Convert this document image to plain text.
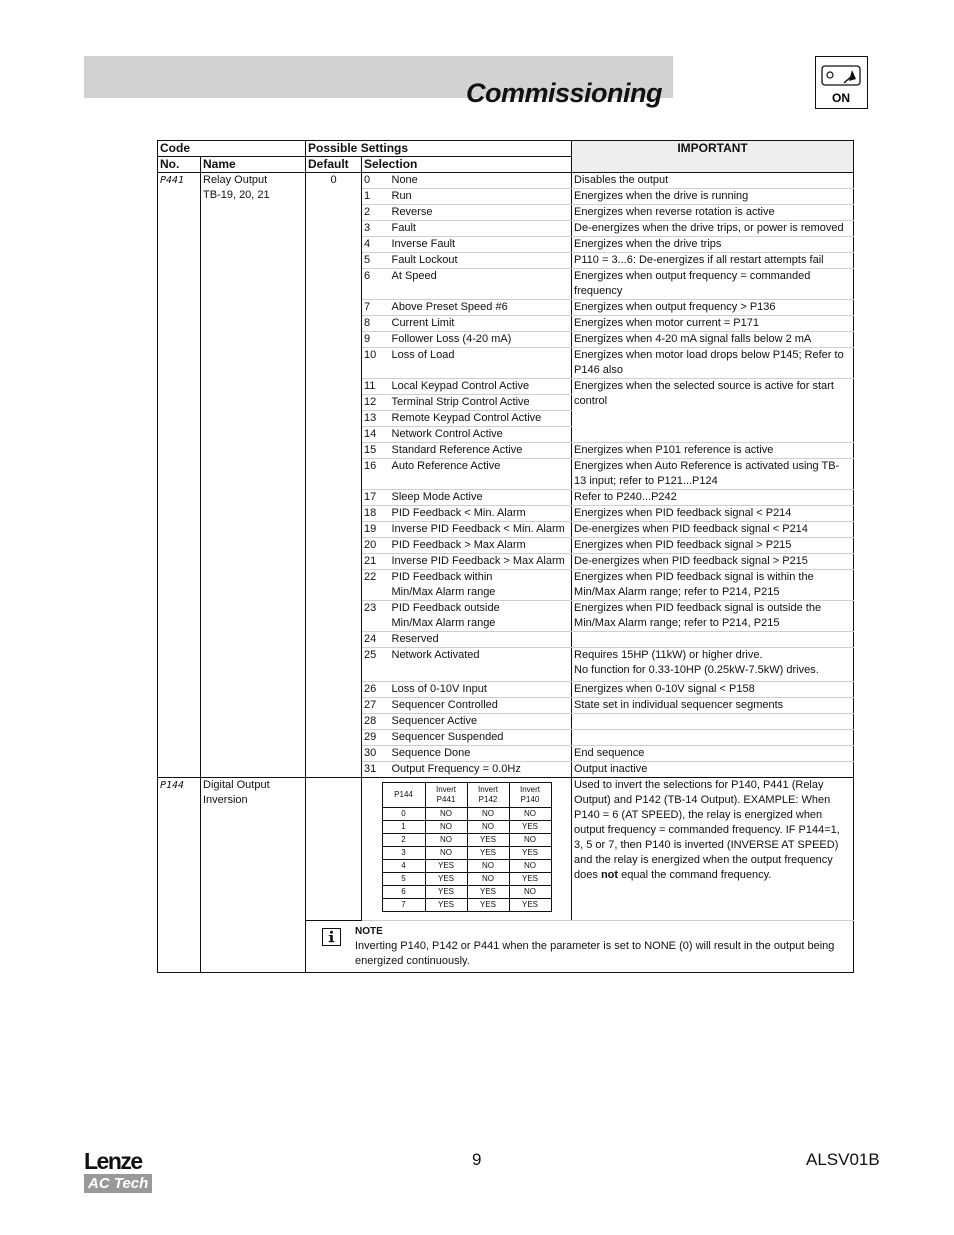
Commissioning	ON
Code	Possible Settings	IMPORTANT
No.	Name	Default	Selection
P441	Relay Output
TB-19, 20, 21	0	0	None	Disables the output
1	Run	Energizes when the drive is running
2	Reverse	Energizes when reverse rotation is active
3	Fault	De-energizes when the drive trips, or power is removed
4	Inverse Fault	Energizes when the drive trips
5	Fault Lockout	P110 = 3...6: De-energizes if all restart attempts fail
6	At Speed	Energizes when output frequency = commanded frequency
7	Above Preset Speed #6	Energizes when output frequency > P136
8	Current Limit	Energizes when motor current = P171
9	Follower Loss (4-20 mA)	Energizes when 4-20 mA signal falls below 2 mA
10	Loss of Load	Energizes when motor load drops below P145; Refer to P146 also
11	Local Keypad Control Active	Energizes when the selected source is active for start control
12	Terminal Strip Control Active
13	Remote Keypad Control Active
14	Network Control Active
15	Standard Reference Active	Energizes when P101 reference is active
16	Auto Reference Active	Energizes when Auto Reference is activated using TB-13 input; refer to P121...P124
17	Sleep Mode Active	Refer to P240...P242
18	PID Feedback < Min. Alarm	Energizes when PID feedback signal < P214
19	Inverse PID Feedback < Min. Alarm	De-energizes when PID feedback signal < P214
20	PID Feedback > Max Alarm	Energizes when PID feedback signal > P215
21	Inverse PID Feedback > Max Alarm	De-energizes when PID feedback signal > P215
22	PID Feedback within Min/Max Alarm range	Energizes when PID feedback signal is within the Min/Max Alarm range; refer to P214, P215
23	PID Feedback outside Min/Max Alarm range	Energizes when PID feedback signal is outside the Min/Max Alarm range; refer to P214, P215
24	Reserved	
25	Network Activated	Requires 15HP (11kW) or higher drive.
No function for 0.33-10HP (0.25kW-7.5kW) drives.

26	Loss of 0-10V Input	Energizes when 0-10V signal < P158
27	Sequencer Controlled	State set in individual sequencer segments
28	Sequencer Active	
29	Sequencer Suspended	
30	Sequence Done	End sequence
31	Output Frequency = 0.0Hz	Output inactive
P144	Digital Output
Inversion			P144	Invert P441	Invert P142	Invert P140
0	NO	NO	NO
1	NO	NO	YES
2	NO	YES	NO
3	NO	YES	YES
4	YES	NO	NO
5	YES	NO	YES
6	YES	YES	NO
7	YES	YES	YES
	Used to invert the selections for P140, P441 (Relay Output) and P142 (TB-14 Output). EXAMPLE: When P140 = 6 (AT SPEED), the relay is energized when output frequency = commanded frequency. IF P144=1, 3, 5 or 7, then P140 is inverted (INVERSE AT SPEED) and the relay is energized when the output frequency does not equal the command frequency.

NOTE
Inverting P140, P142 or P441 when the parameter is set to NONE (0) will result in the output being energized continuously.
Lenze
AC Tech
9	ALSV01B
